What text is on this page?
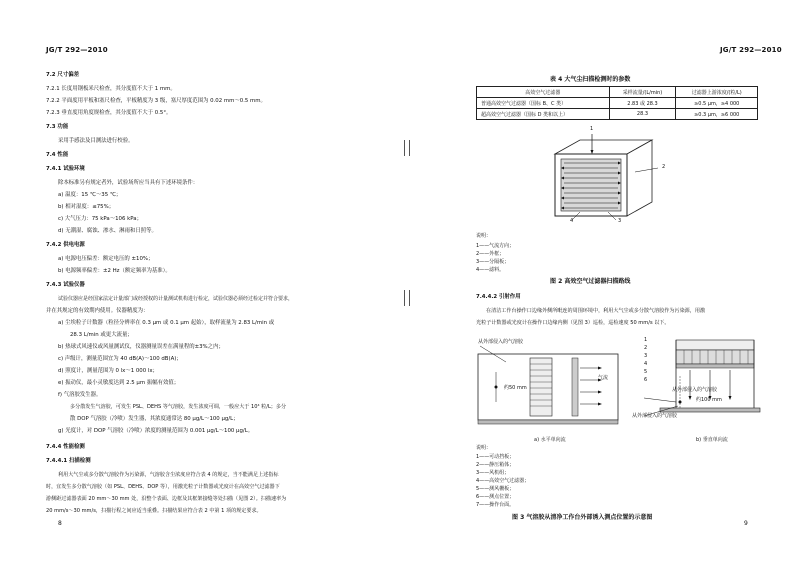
JG/T 292—2010
7.2 尺寸偏差
7.2.1 长度用钢板米尺检查，其分度值不大于 1 mm。
7.2.2 平面度用平板和塞尺检查，平板精度为 3 级，塞尺厚度范围为 0.02 mm～0.5 mm。
7.2.3 垂直度用角度规检查，其分度值不大于 0.5°。
7.3 功能
采用手感法及目测法进行校验。
7.4 性能
7.4.1 试验环境
除本标准另有规定者外，试验场所应当具有下述环境条件：
a) 温度：15 ℃～35 ℃；
b) 相对湿度：≤75%；
c) 大气压力：75 kPa～106 kPa；
d) 无潮湿、腐蚀、渗水、淋雨和日照等。
7.4.2 供电电源
a) 电源电压偏差：额定电压的 ±10%；
b) 电源频率偏差：±2 Hz（额定频率为基准）。
7.4.3 试验仪器
试验仪器应是经国家法定计量部门或经授权的计量测试机构进行检定，试验仪器必须经过检定并符合要求，
并在其规定的有效期内使用。仪器精度为：
a) 尘埃粒子计数器（粒径分辨率在 0.3 μm 或 0.1 μm 起始），取样流量为 2.83 L/min 或
28.3 L/min 或更大流量；
b) 热球式风速仪或风量测试仪，仪器测量误差在满量程的±3%之内；
c) 声级计，测量范围宜为 40 dB(A)～100 dB(A)；
d) 照度计，测量范围为 0 lx～1 000 lx；
e) 振动仪，最小灵敏度达到 2.5 μm 振幅有效值；
f) 气溶胶发生器。
多分散发生气溶胶，可发生 PSL、DEHS 等气溶胶，发生浓度可调，一般应大于 10⁴ 粒/L；多分
散 DOP 气溶胶（冷喷）发生器，其浓度通常达 80 μg/L～100 μg/L；
g) 光度计，对 DOP 气溶胶（冷喷）浓度的测量范围为 0.001 μg/L～100 μg/L。
7.4.4 性能检测
7.4.4.1 扫描检测
利用大气尘或多分散气溶胶作为污染源，气溶胶含尘浓度应符合表 4 的规定，当不能满足上述指标
时，宜发生多分散气溶胶（如 PSL、DEHS、DOP 等），用激光粒子计数器或光度计在高效空气过滤器下
游侧距过滤器表面 20 mm～30 mm 处，沿整个表面、边框及其框架接缝等处扫描（见图 2）。扫描速率为
20 mm/s～30 mm/s，扫描行程之间应适当重叠。扫描结果应符合表 2 中第 1 项的规定要求。
8
JG/T 292—2010
表 4 大气尘扫描检测时的参数
高效空气过滤器	采样流量/(L/min)	过滤器上游浓度/(粒/L)
普通高效空气过滤器（国标 B、C 类）	2.83 或 28.3	≥0.5 μm，≥4 000
超高效空气过滤器（国标 D 类和以上）	28.3	≥0.3 μm，≥6 000
1
2
3
4
说明：
1——气流方向；
2——外框；
3——分隔板；
4——滤料。
图 2 高效空气过滤器扫描路线
7.4.4.2 引射作用
在清洁工作台操作口边缘外侧所毗连的周围环境中，利用大气尘或多分散气溶胶作为污染源，用激
光粒子计数器或光度计在操作口边缘内侧（见图 3）巡检，巡检速度 50 mm/s 以下。
从外部侵入的气溶胶
约50 mm
气流
a) 水平单向流
1
2
3
4
5
6
从外部侵入的气溶胶
约100 mm
从外部侵入的气溶胶
b) 垂直单向流
说明：
1——可动挡板；
2——静压箱体；
3——风机组；
4——高效空气过滤器；
5——测风栅板；
6——测点位置；
7——操作台面。
图 3 气溶胶从清净工作台外部诱入测点位置的示意图
9
